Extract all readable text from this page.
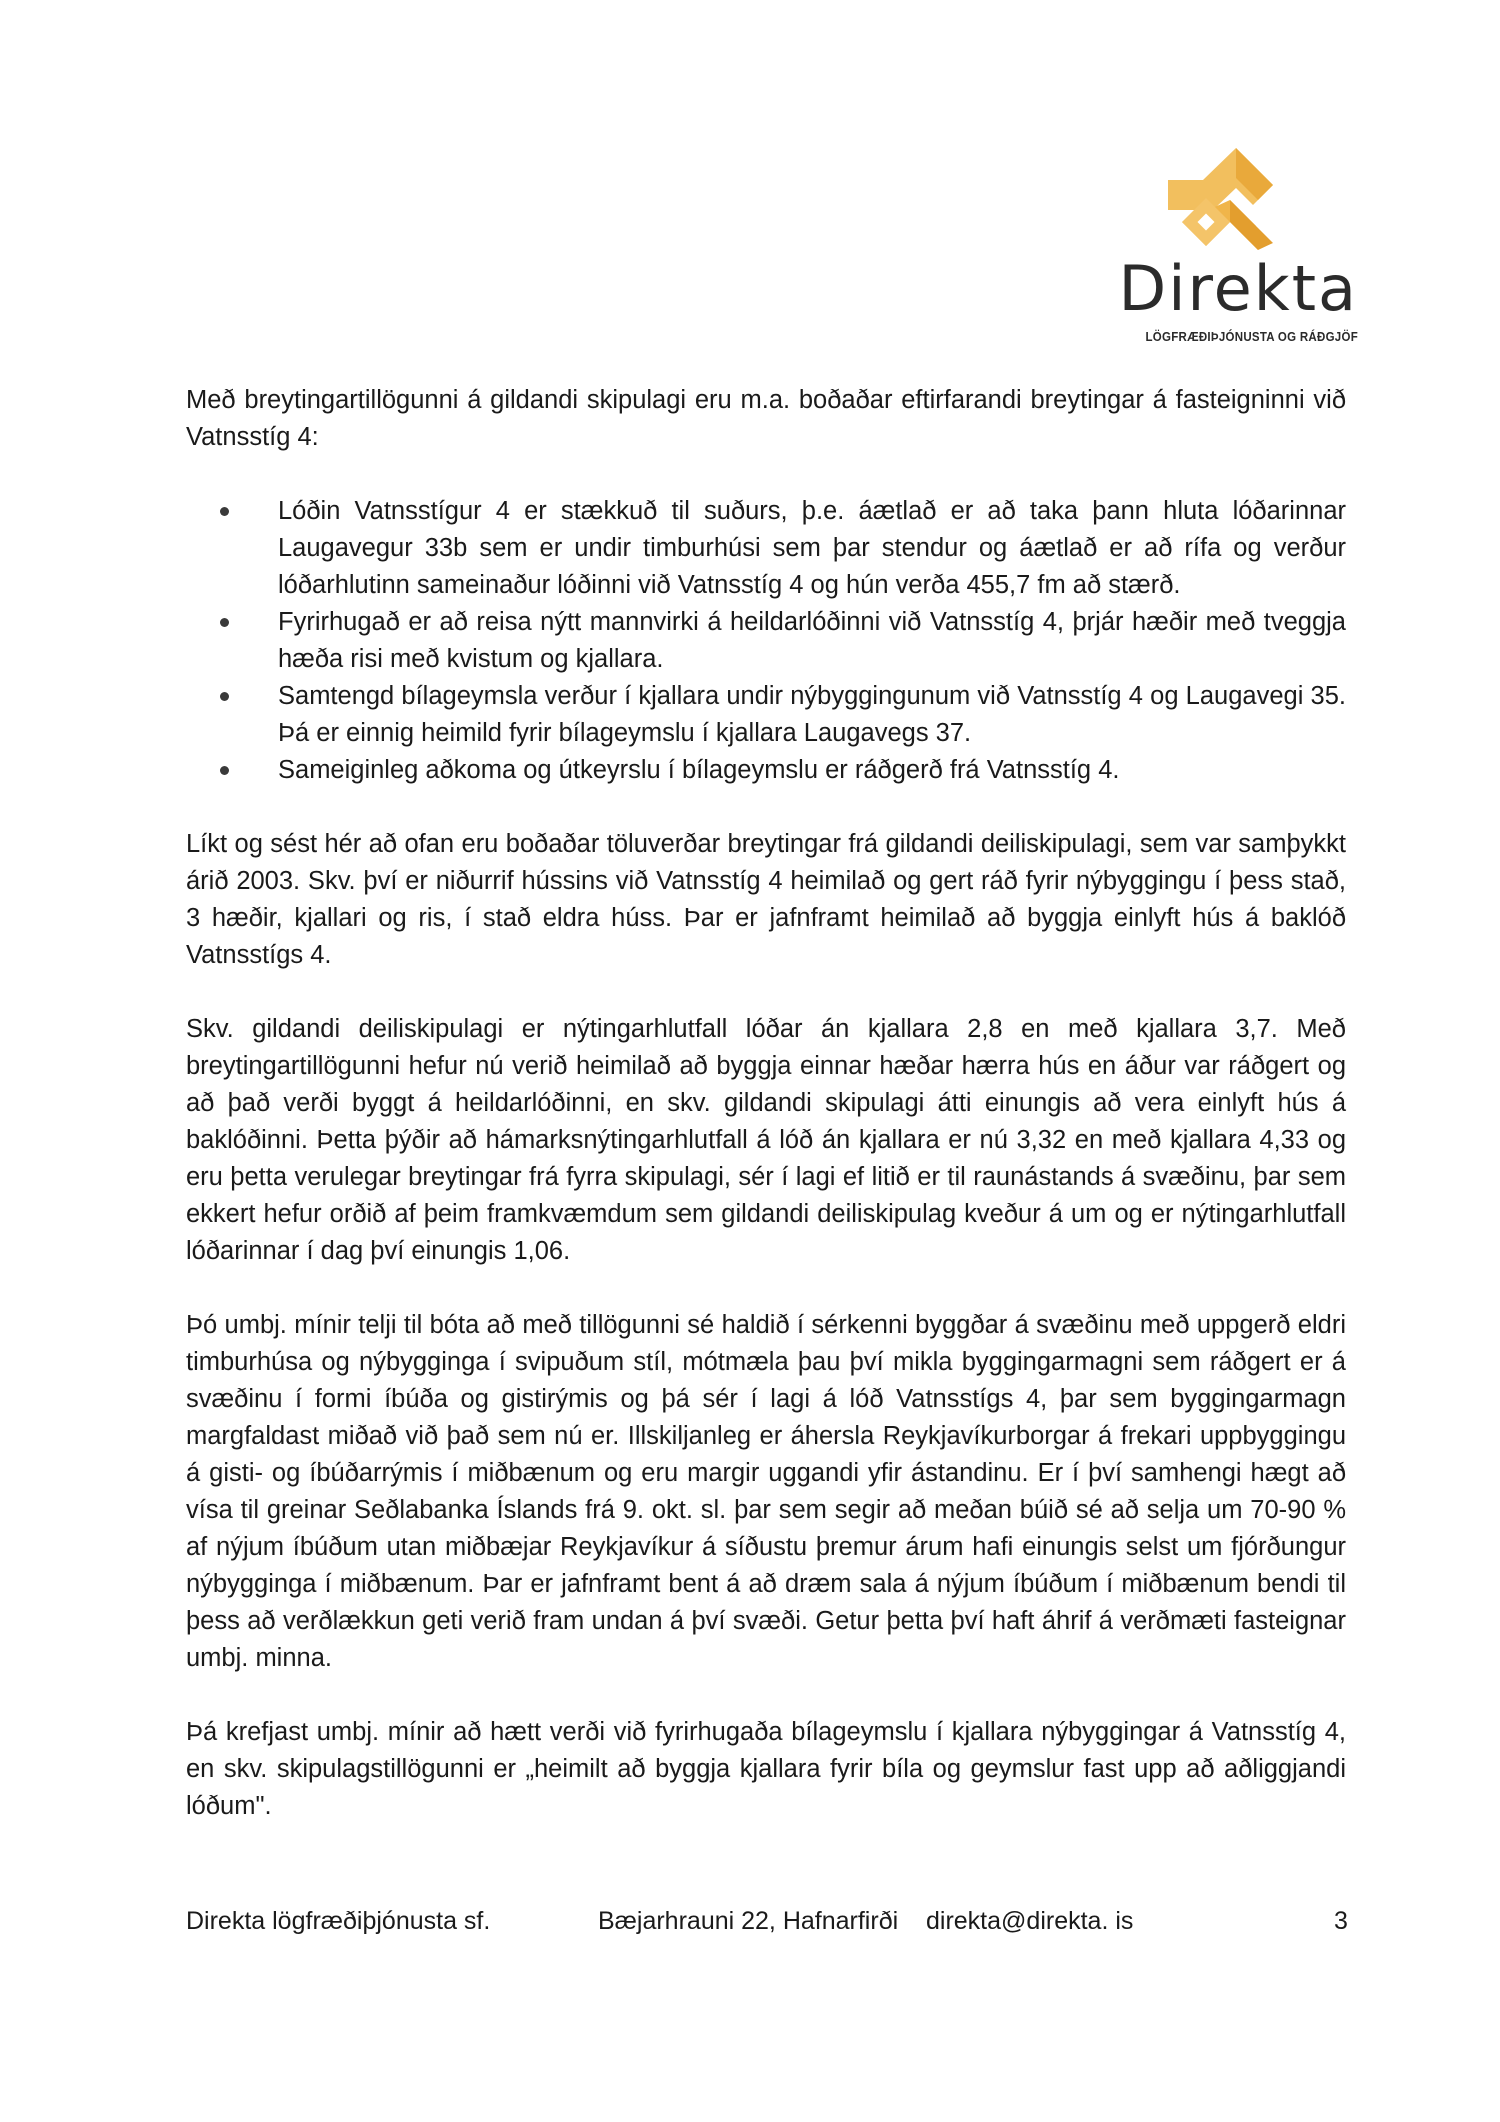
Direkta
LÖGFRÆÐIÞJÓNUSTA OG RÁÐGJÖF

Með breytingartillögunni á gildandi skipulagi eru m.a. boðaðar eftirfarandi breytingar á fasteigninni við Vatnsstíg 4:

Lóðin Vatnsstígur 4 er stækkuð til suðurs, þ.e. áætlað er að taka þann hluta lóðarinnar Laugavegur 33b sem er undir timburhúsi sem þar stendur og áætlað er að rífa og verður lóðarhlutinn sameinaður lóðinni við Vatnsstíg 4 og hún verða 455,7 fm að stærð.
Fyrirhugað er að reisa nýtt mannvirki á heildarlóðinni við Vatnsstíg 4, þrjár hæðir með tveggja hæða risi með kvistum og kjallara.
Samtengd bílageymsla verður í kjallara undir nýbyggingunum við Vatnsstíg 4 og Laugavegi 35. Þá er einnig heimild fyrir bílageymslu í kjallara Laugavegs 37.
Sameiginleg aðkoma og útkeyrslu í bílageymslu er ráðgerð frá Vatnsstíg 4.

Líkt og sést hér að ofan eru boðaðar töluverðar breytingar frá gildandi deiliskipulagi, sem var samþykkt árið 2003. Skv. því er niðurrif hússins við Vatnsstíg 4 heimilað og gert ráð fyrir nýbyggingu í þess stað, 3 hæðir, kjallari og ris, í stað eldra húss. Þar er jafnframt heimilað að byggja einlyft hús á baklóð Vatnsstígs 4.

Skv. gildandi deiliskipulagi er nýtingarhlutfall lóðar án kjallara 2,8 en með kjallara 3,7. Með breytingartillögunni hefur nú verið heimilað að byggja einnar hæðar hærra hús en áður var ráðgert og að það verði byggt á heildarlóðinni, en skv. gildandi skipulagi átti einungis að vera einlyft hús á baklóðinni. Þetta þýðir að hámarksnýtingarhlutfall á lóð án kjallara er nú 3,32 en með kjallara 4,33 og eru þetta verulegar breytingar frá fyrra skipulagi, sér í lagi ef litið er til raunástands á svæðinu, þar sem ekkert hefur orðið af þeim framkvæmdum sem gildandi deiliskipulag kveður á um og er nýtingarhlutfall lóðarinnar í dag því einungis 1,06.

Þó umbj. mínir telji til bóta að með tillögunni sé haldið í sérkenni byggðar á svæðinu með uppgerð eldri timburhúsa og nýbygginga í svipuðum stíl, mótmæla þau því mikla byggingarmagni sem ráðgert er á svæðinu í formi íbúða og gistirýmis og þá sér í lagi á lóð Vatnsstígs 4, þar sem byggingarmagn margfaldast miðað við það sem nú er. Illskiljanleg er áhersla Reykjavíkurborgar á frekari uppbyggingu á gisti- og íbúðarrýmis í miðbænum og eru margir uggandi yfir ástandinu. Er í því samhengi hægt að vísa til greinar Seðlabanka Íslands frá 9. okt. sl. þar sem segir að meðan búið sé að selja um 70-90 % af nýjum íbúðum utan miðbæjar Reykjavíkur á síðustu þremur árum hafi einungis selst um fjórðungur nýbygginga í miðbænum. Þar er jafnframt bent á að dræm sala á nýjum íbúðum í miðbænum bendi til þess að verðlækkun geti verið fram undan á því svæði. Getur þetta því haft áhrif á verðmæti fasteignar umbj. minna.

Þá krefjast umbj. mínir að hætt verði við fyrirhugaða bílageymslu í kjallara nýbyggingar á Vatnsstíg 4, en skv. skipulagstillögunni er „heimilt að byggja kjallara fyrir bíla og geymslur fast upp að aðliggjandi lóðum".

Direkta lögfræðiþjónusta sf.	Bæjarhrauni 22, Hafnarfirði direkta@direkta. is	3
